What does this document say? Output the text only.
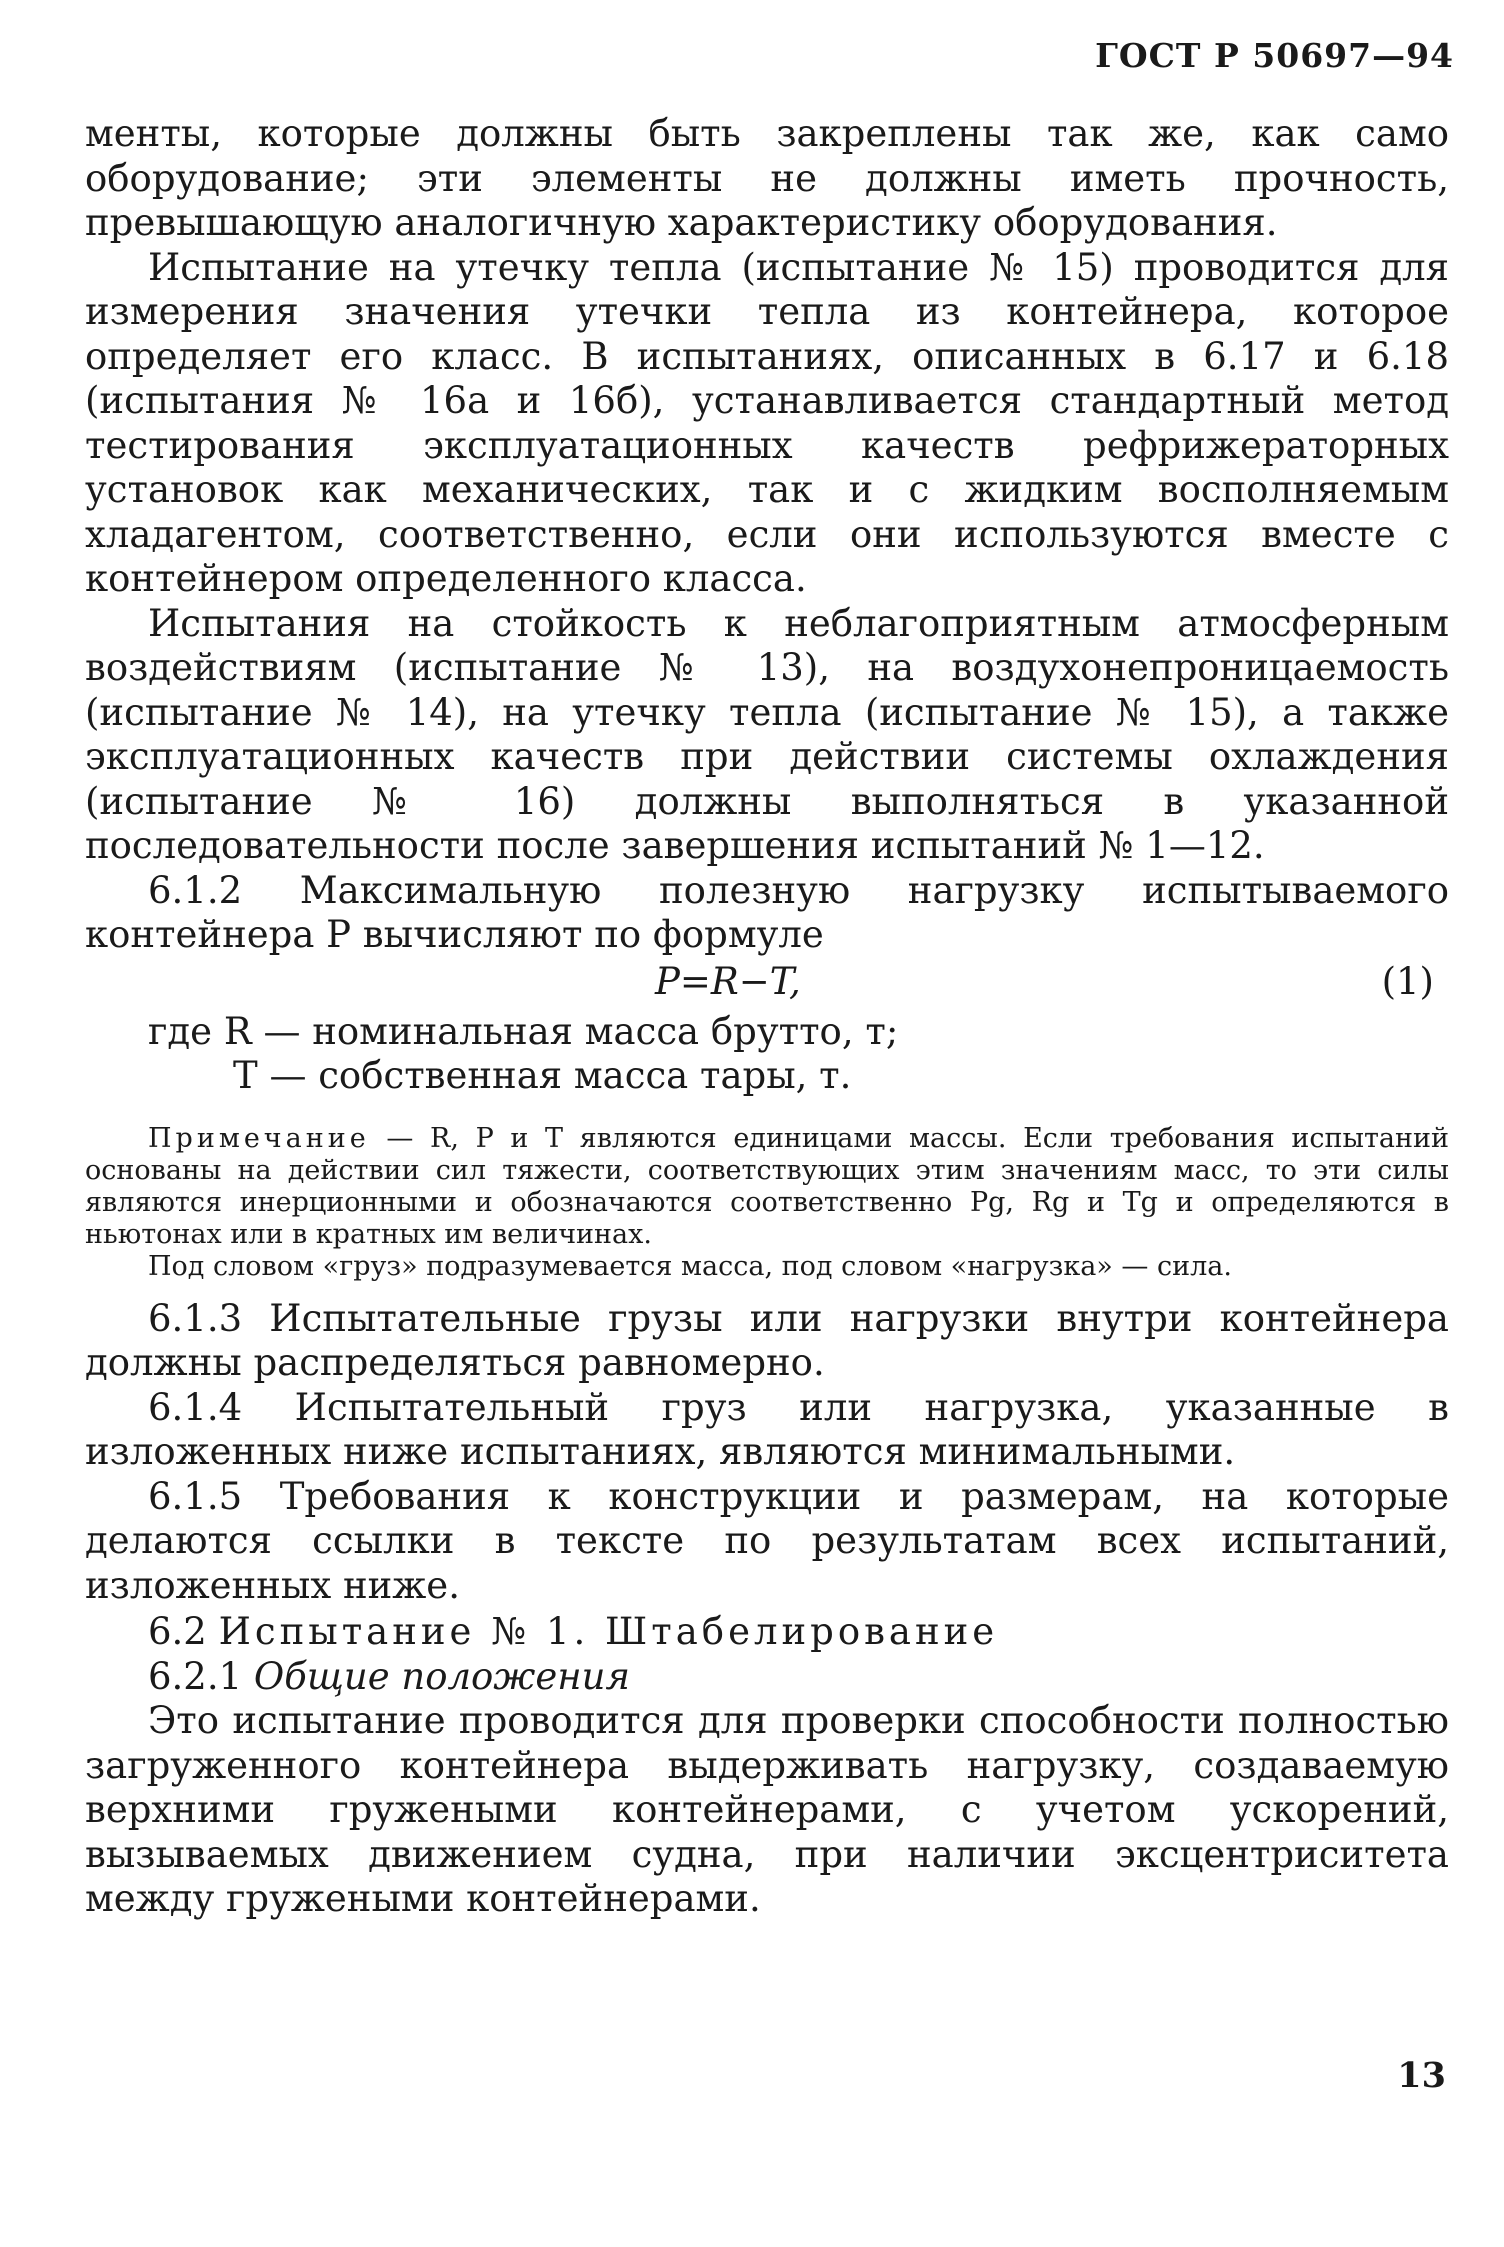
ГОСТ Р 50697—94

менты, которые должны быть закреплены так же, как само оборудование; эти элементы не должны иметь прочность, превышающую аналогичную характеристику оборудования.

Испытание на утечку тепла (испытание № 15) проводится для измерения значения утечки тепла из контейнера, которое определяет его класс. В испытаниях, описанных в 6.17 и 6.18 (испытания № 16а и 16б), устанавливается стандартный метод тестирования эксплуатационных качеств рефрижераторных установок как механических, так и с жидким восполняемым хладагентом, соответственно, если они используются вместе с контейнером определенного класса.

Испытания на стойкость к неблагоприятным атмосферным воздействиям (испытание № 13), на воздухонепроницаемость (испытание № 14), на утечку тепла (испытание № 15), а также эксплуатационных качеств при действии системы охлаждения (испытание № 16) должны выполняться в указанной последовательности после завершения испытаний № 1—12.

6.1.2 Максимальную полезную нагрузку испытываемого контейнера P вычисляют по формуле

P=R−T,	(1)
где R — номинальная масса брутто, т;
T — собственная масса тары, т.

Примечание — R, P и T являются единицами массы. Если требования испытаний основаны на действии сил тяжести, соответствующих этим значениям масс, то эти силы являются инерционными и обозначаются соответственно Pg, Rg и Tg и определяются в ньютонах или в кратных им величинах.

Под словом «груз» подразумевается масса, под словом «нагрузка» — сила.

6.1.3 Испытательные грузы или нагрузки внутри контейнера должны распределяться равномерно.

6.1.4 Испытательный груз или нагрузка, указанные в изложенных ниже испытаниях, являются минимальными.

6.1.5 Требования к конструкции и размерам, на которые делаются ссылки в тексте по результатам всех испытаний, изложенных ниже.

6.2 Испытание № 1. Штабелирование

6.2.1 Общие положения

Это испытание проводится для проверки способности полностью загруженного контейнера выдерживать нагрузку, создаваемую верхними гружеными контейнерами, с учетом ускорений, вызываемых движением судна, при наличии эксцентриситета между гружеными контейнерами.

13
